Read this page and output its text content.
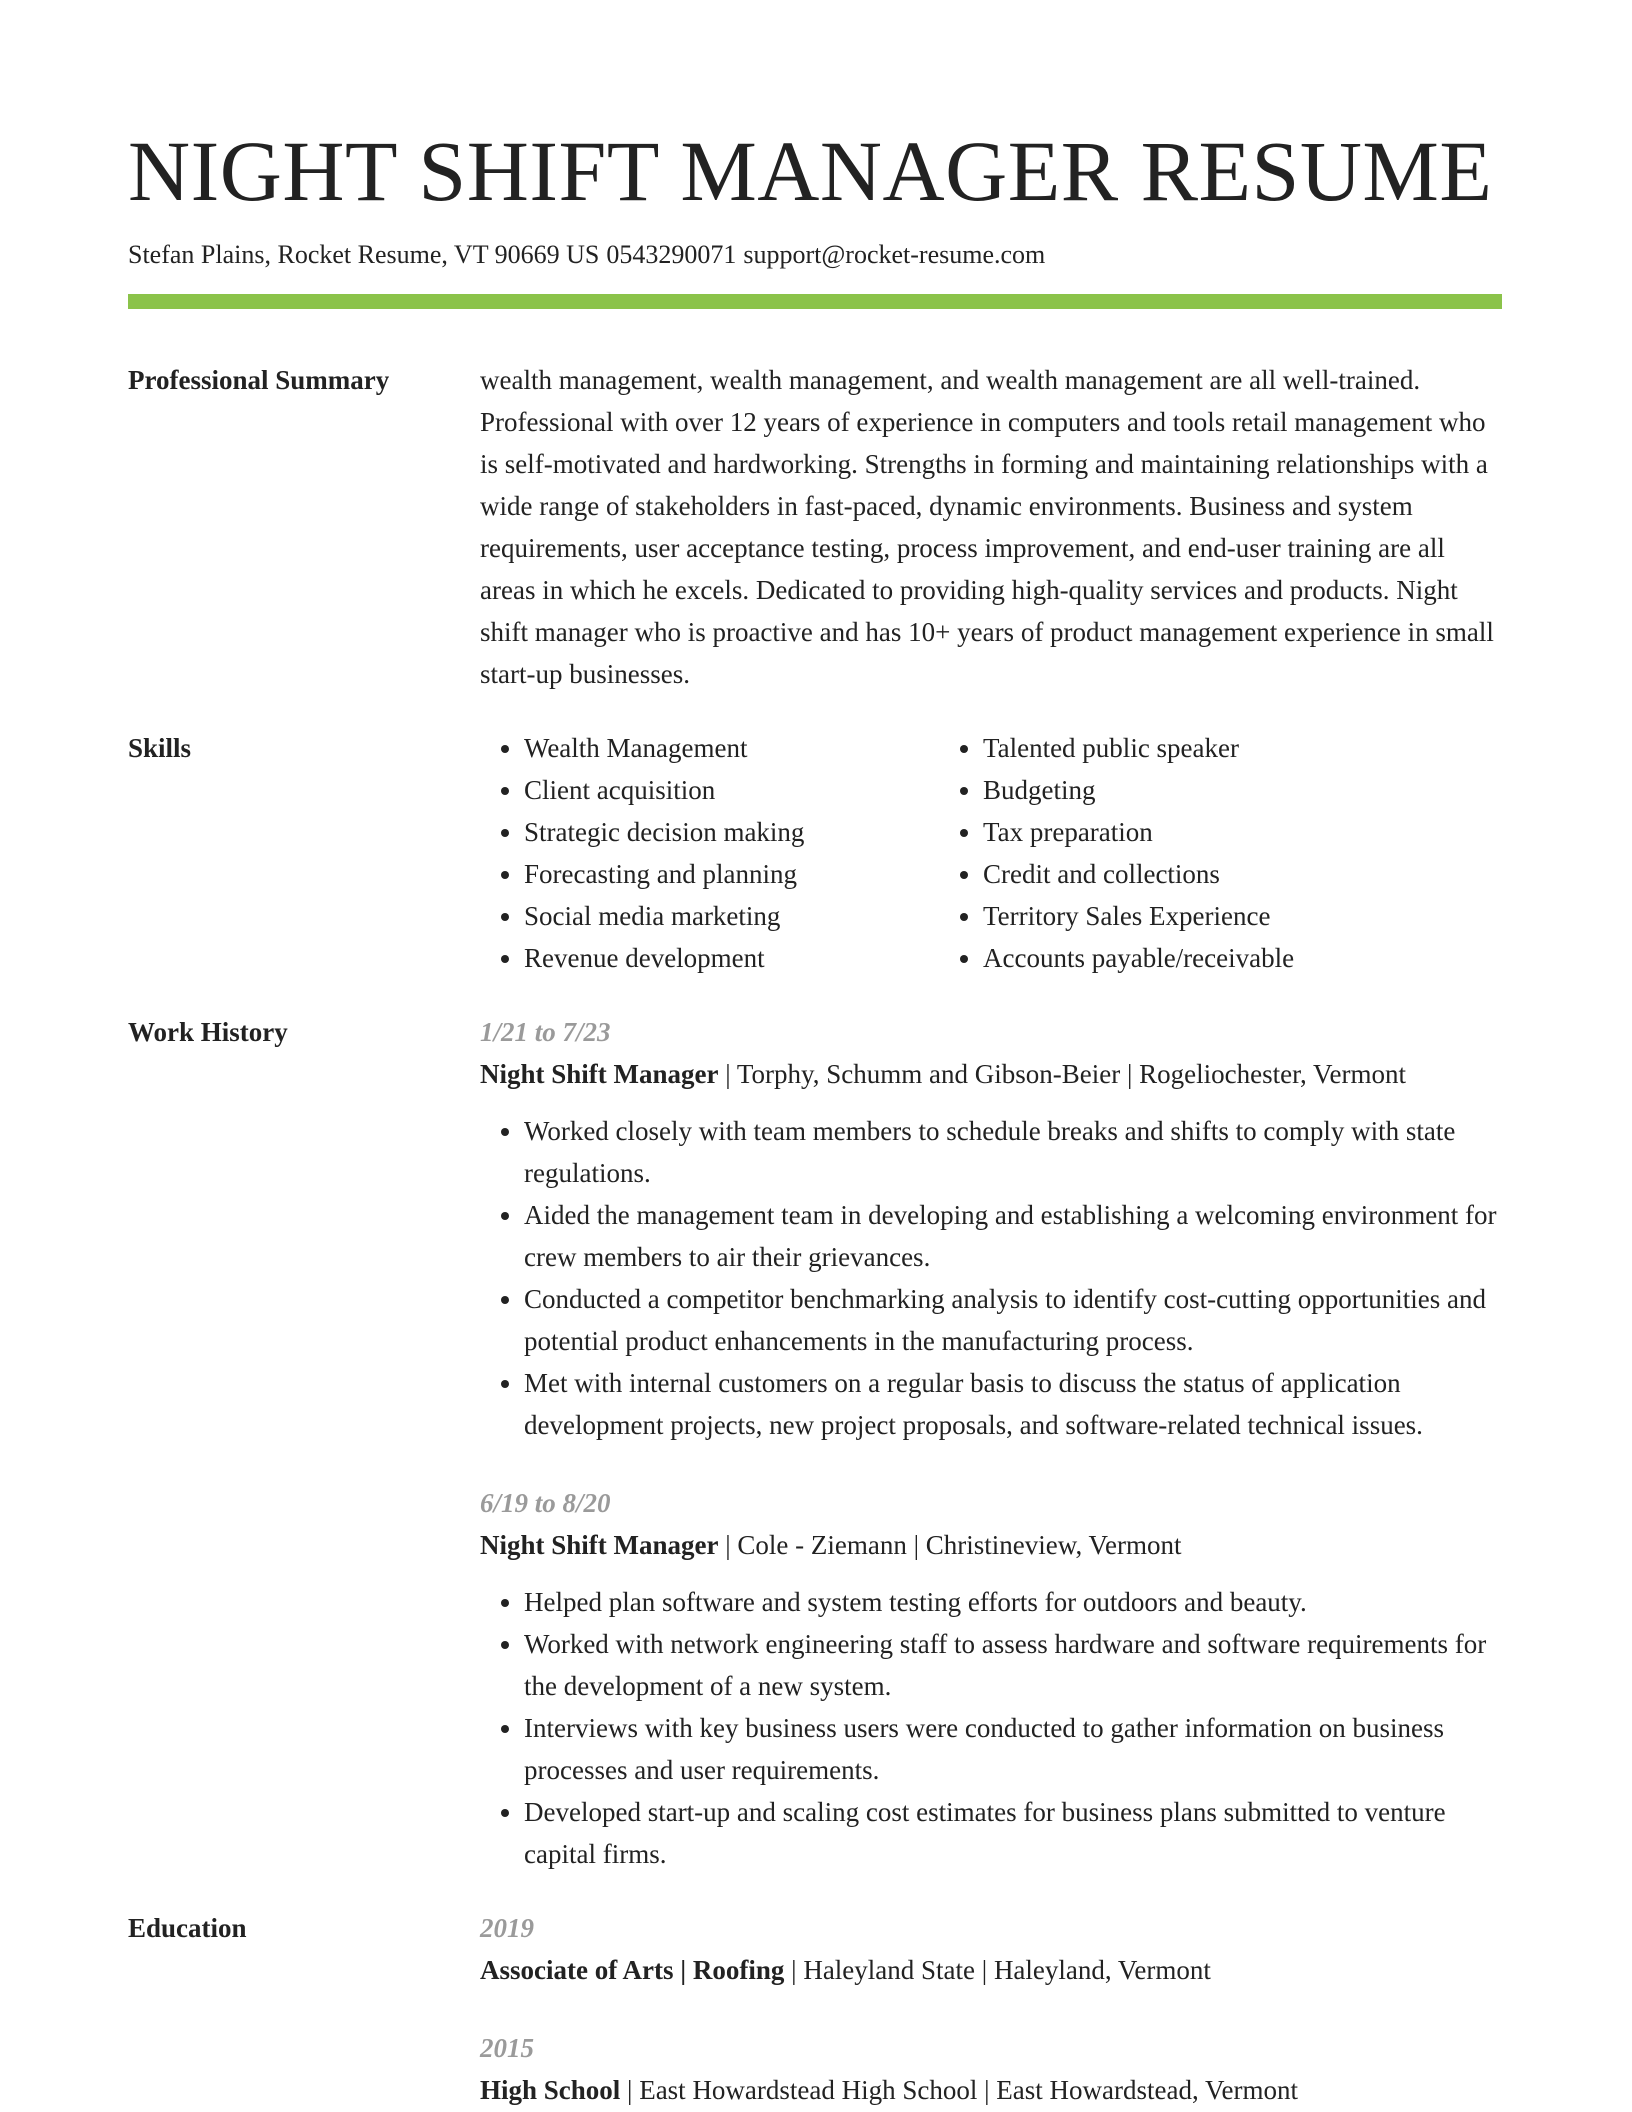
NIGHT SHIFT MANAGER RESUME
Stefan Plains, Rocket Resume, VT 90669 US 0543290071 support@rocket-resume.com
Professional Summary	wealth management, wealth management, and wealth management are all well-trained. Professional with over 12 years of experience in computers and tools retail management who is self-motivated and hardworking. Strengths in forming and maintaining relationships with a wide range of stakeholders in fast-paced, dynamic environments. Business and system requirements, user acceptance testing, process improvement, and end-user training are all areas in which he excels. Dedicated to providing high-quality services and products. Night shift manager who is proactive and has 10+ years of product management experience in small start-up businesses.

Skills
•	Wealth Management
• Client acquisition
• Strategic decision making
• Forecasting and planning
• Social media marketing
• Revenue development
• Talented public speaker
• Budgeting
• Tax preparation
• Credit and collections
• Territory Sales Experience
• Accounts payable/receivable
Work History	1/21 to 7/23
Night Shift Manager | Torphy, Schumm and Gibson-Beier | Rogeliochester, Vermont
• Worked closely with team members to schedule breaks and shifts to comply with state regulations.
• Aided the management team in developing and establishing a welcoming environment for crew members to air their grievances.
• Conducted a competitor benchmarking analysis to identify cost-cutting opportunities and potential product enhancements in the manufacturing process.
• Met with internal customers on a regular basis to discuss the status of application development projects, new project proposals, and software-related technical issues.
6/19 to 8/20
Night Shift Manager | Cole - Ziemann | Christineview, Vermont
• Helped plan software and system testing efforts for outdoors and beauty.
• Worked with network engineering staff to assess hardware and software requirements for the development of a new system.
• Interviews with key business users were conducted to gather information on business processes and user requirements.
• Developed start-up and scaling cost estimates for business plans submitted to venture capital firms.
Education	2019
Associate of Arts | Roofing | Haleyland State | Haleyland, Vermont
2015
High School | East Howardstead High School | East Howardstead, Vermont
